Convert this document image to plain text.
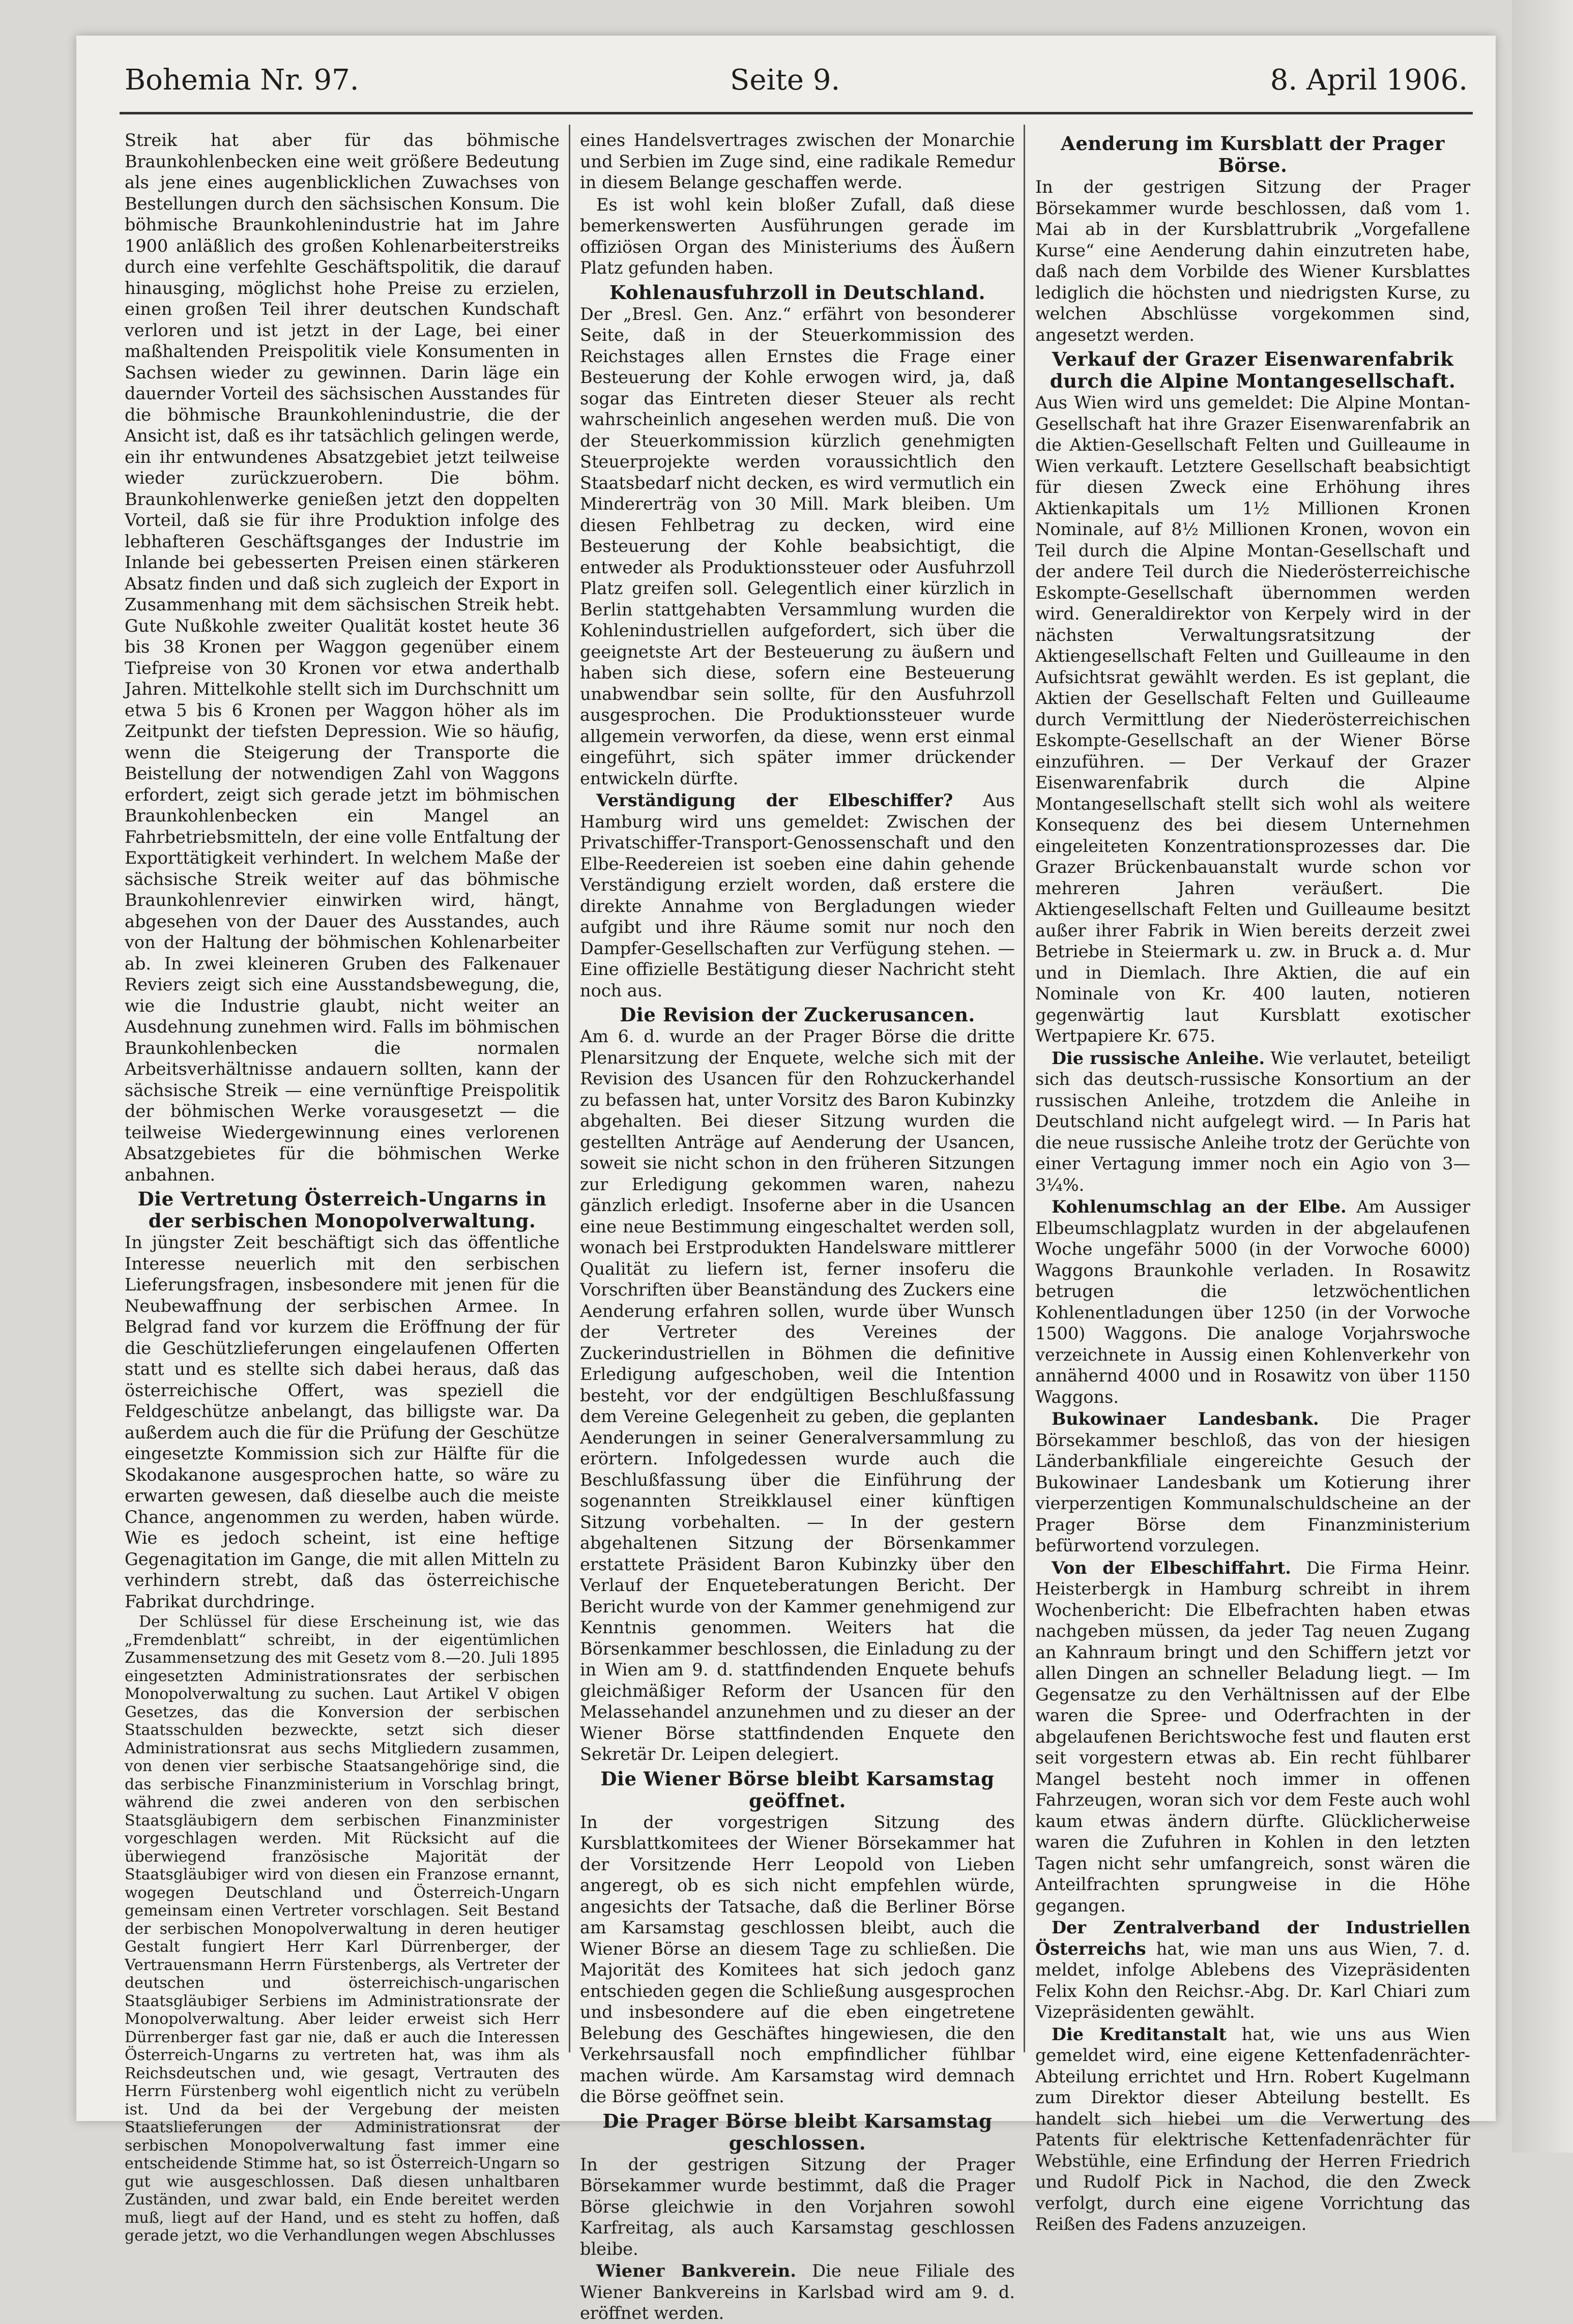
Bohemia Nr. 97.	Seite 9.	8. April 1906.

Streik hat aber für das böhmische Braunkohlenbecken eine weit größere Bedeutung als jene eines augenblicklichen Zuwachses von Bestellungen durch den sächsischen Konsum. Die böhmische Braunkohlenindustrie hat im Jahre 1900 anläßlich des großen Kohlenarbeiterstreiks durch eine verfehlte Geschäftspolitik, die darauf hinausging, möglichst hohe Preise zu erzielen, einen großen Teil ihrer deutschen Kundschaft verloren und ist jetzt in der Lage, bei einer maßhaltenden Preispolitik viele Konsumenten in Sachsen wieder zu gewinnen. Darin läge ein dauernder Vorteil des sächsischen Ausstandes für die böhmische Braunkohlenindustrie, die der Ansicht ist, daß es ihr tatsächlich gelingen werde, ein ihr entwundenes Absatzgebiet jetzt teilweise wieder zurückzuerobern. Die böhm. Braunkohlenwerke genießen jetzt den doppelten Vorteil, daß sie für ihre Produktion infolge des lebhafteren Geschäftsganges der Industrie im Inlande bei gebesserten Preisen einen stärkeren Absatz finden und daß sich zugleich der Export in Zusammenhang mit dem sächsischen Streik hebt. Gute Nußkohle zweiter Qualität kostet heute 36 bis 38 Kronen per Waggon gegenüber einem Tiefpreise von 30 Kronen vor etwa anderthalb Jahren. Mittelkohle stellt sich im Durchschnitt um etwa 5 bis 6 Kronen per Waggon höher als im Zeitpunkt der tiefsten Depression. Wie so häufig, wenn die Steigerung der Transporte die Beistellung der notwendigen Zahl von Waggons erfordert, zeigt sich gerade jetzt im böhmischen Braunkohlenbecken ein Mangel an Fahrbetriebsmitteln, der eine volle Entfaltung der Exporttätigkeit verhindert. In welchem Maße der sächsische Streik weiter auf das böhmische Braunkohlenrevier einwirken wird, hängt, abgesehen von der Dauer des Ausstandes, auch von der Haltung der böhmischen Kohlenarbeiter ab. In zwei kleineren Gruben des Falkenauer Reviers zeigt sich eine Ausstandsbewegung, die, wie die Industrie glaubt, nicht weiter an Ausdehnung zunehmen wird. Falls im böhmischen Braunkohlenbecken die normalen Arbeitsverhältnisse andauern sollten, kann der sächsische Streik — eine vernünftige Preispolitik der böhmischen Werke vorausgesetzt — die teilweise Wiedergewinnung eines verlorenen Absatzgebietes für die böhmischen Werke anbahnen.

Die Vertretung Österreich-Ungarns in der serbischen Monopolverwaltung.

In jüngster Zeit beschäftigt sich das öffentliche Interesse neuerlich mit den serbischen Lieferungsfragen, insbesondere mit jenen für die Neubewaffnung der serbischen Armee. In Belgrad fand vor kurzem die Eröffnung der für die Geschützlieferungen eingelaufenen Offerten statt und es stellte sich dabei heraus, daß das österreichische Offert, was speziell die Feldgeschütze anbelangt, das billigste war. Da außerdem auch die für die Prüfung der Geschütze eingesetzte Kommission sich zur Hälfte für die Skodakanone ausgesprochen hatte, so wäre zu erwarten gewesen, daß dieselbe auch die meiste Chance, angenommen zu werden, haben würde. Wie es jedoch scheint, ist eine heftige Gegenagitation im Gange, die mit allen Mitteln zu verhindern strebt, daß das österreichische Fabrikat durchdringe.

Der Schlüssel für diese Erscheinung ist, wie das „Fremdenblatt“ schreibt, in der eigentümlichen Zusammensetzung des mit Gesetz vom 8.—20. Juli 1895 eingesetzten Administrationsrates der serbischen Monopolverwaltung zu suchen. Laut Artikel V obigen Gesetzes, das die Konversion der serbischen Staatsschulden bezweckte, setzt sich dieser Administrationsrat aus sechs Mitgliedern zusammen, von denen vier serbische Staatsangehörige sind, die das serbische Finanzministerium in Vorschlag bringt, während die zwei anderen von den serbischen Staatsgläubigern dem serbischen Finanzminister vorgeschlagen werden. Mit Rücksicht auf die überwiegend französische Majorität der Staatsgläubiger wird von diesen ein Franzose ernannt, wogegen Deutschland und Österreich-Ungarn gemeinsam einen Vertreter vorschlagen. Seit Bestand der serbischen Monopolverwaltung in deren heutiger Gestalt fungiert Herr Karl Dürrenberger, der Vertrauensmann Herrn Fürstenbergs, als Vertreter der deutschen und österreichisch-ungarischen Staatsgläubiger Serbiens im Administrationsrate der Monopolverwaltung. Aber leider erweist sich Herr Dürrenberger fast gar nie, daß er auch die Interessen Österreich-Ungarns zu vertreten hat, was ihm als Reichsdeutschen und, wie gesagt, Vertrauten des Herrn Fürstenberg wohl eigentlich nicht zu verübeln ist. Und da bei der Vergebung der meisten Staatslieferungen der Administrationsrat der serbischen Monopolverwaltung fast immer eine entscheidende Stimme hat, so ist Österreich-Ungarn so gut wie ausgeschlossen. Daß diesen unhaltbaren Zuständen, und zwar bald, ein Ende bereitet werden muß, liegt auf der Hand, und es steht zu hoffen, daß gerade jetzt, wo die Verhandlungen wegen Abschlusses

eines Handelsvertrages zwischen der Monarchie und Serbien im Zuge sind, eine radikale Remedur in diesem Belange geschaffen werde.

Es ist wohl kein bloßer Zufall, daß diese bemerkenswerten Ausführungen gerade im offiziösen Organ des Ministeriums des Äußern Platz gefunden haben.

Kohlenausfuhrzoll in Deutschland.

Der „Bresl. Gen. Anz.“ erfährt von besonderer Seite, daß in der Steuerkommission des Reichstages allen Ernstes die Frage einer Besteuerung der Kohle erwogen wird, ja, daß sogar das Eintreten dieser Steuer als recht wahrscheinlich angesehen werden muß. Die von der Steuerkommission kürzlich genehmigten Steuerprojekte werden voraussichtlich den Staatsbedarf nicht decken, es wird vermutlich ein Mindererträg von 30 Mill. Mark bleiben. Um diesen Fehlbetrag zu decken, wird eine Besteuerung der Kohle beabsichtigt, die entweder als Produktionssteuer oder Ausfuhrzoll Platz greifen soll. Gelegentlich einer kürzlich in Berlin stattgehabten Versammlung wurden die Kohlenindustriellen aufgefordert, sich über die geeignetste Art der Besteuerung zu äußern und haben sich diese, sofern eine Besteuerung unabwendbar sein sollte, für den Ausfuhrzoll ausgesprochen. Die Produktionssteuer wurde allgemein verworfen, da diese, wenn erst einmal eingeführt, sich später immer drückender entwickeln dürfte.

Verständigung der Elbeschiffer? Aus Hamburg wird uns gemeldet: Zwischen der Privatschiffer-Transport-Genossenschaft und den Elbe-Reedereien ist soeben eine dahin gehende Verständigung erzielt worden, daß erstere die direkte Annahme von Bergladungen wieder aufgibt und ihre Räume somit nur noch den Dampfer-Gesellschaften zur Verfügung stehen. — Eine offizielle Bestätigung dieser Nachricht steht noch aus.

Die Revision der Zuckerusancen.

Am 6. d. wurde an der Prager Börse die dritte Plenarsitzung der Enquete, welche sich mit der Revision des Usancen für den Rohzuckerhandel zu befassen hat, unter Vorsitz des Baron Kubinzky abgehalten. Bei dieser Sitzung wurden die gestellten Anträge auf Aenderung der Usancen, soweit sie nicht schon in den früheren Sitzungen zur Erledigung gekommen waren, nahezu gänzlich erledigt. Insoferne aber in die Usancen eine neue Bestimmung eingeschaltet werden soll, wonach bei Erstprodukten Handelsware mittlerer Qualität zu liefern ist, ferner insoferu die Vorschriften über Beanständung des Zuckers eine Aenderung erfahren sollen, wurde über Wunsch der Vertreter des Vereines der Zuckerindustriellen in Böhmen die definitive Erledigung aufgeschoben, weil die Intention besteht, vor der endgültigen Beschlußfassung dem Vereine Gelegenheit zu geben, die geplanten Aenderungen in seiner Generalversammlung zu erörtern. Infolgedessen wurde auch die Beschlußfassung über die Einführung der sogenannten Streikklausel einer künftigen Sitzung vorbehalten. — In der gestern abgehaltenen Sitzung der Börsenkammer erstattete Präsident Baron Kubinzky über den Verlauf der Enqueteberatungen Bericht. Der Bericht wurde von der Kammer genehmigend zur Kenntnis genommen. Weiters hat die Börsenkammer beschlossen, die Einladung zu der in Wien am 9. d. stattfindenden Enquete behufs gleichmäßiger Reform der Usancen für den Melassehandel anzunehmen und zu dieser an der Wiener Börse stattfindenden Enquete den Sekretär Dr. Leipen delegiert.

Die Wiener Börse bleibt Karsamstag geöffnet.

In der vorgestrigen Sitzung des Kursblattkomitees der Wiener Börsekammer hat der Vorsitzende Herr Leopold von Lieben angeregt, ob es sich nicht empfehlen würde, angesichts der Tatsache, daß die Berliner Börse am Karsamstag geschlossen bleibt, auch die Wiener Börse an diesem Tage zu schließen. Die Majorität des Komitees hat sich jedoch ganz entschieden gegen die Schließung ausgesprochen und insbesondere auf die eben eingetretene Belebung des Geschäftes hingewiesen, die den Verkehrsausfall noch empfindlicher fühlbar machen würde. Am Karsamstag wird demnach die Börse geöffnet sein.

Die Prager Börse bleibt Karsamstag geschlossen.

In der gestrigen Sitzung der Prager Börsekammer wurde bestimmt, daß die Prager Börse gleichwie in den Vorjahren sowohl Karfreitag, als auch Karsamstag geschlossen bleibe.

Wiener Bankverein. Die neue Filiale des Wiener Bankvereins in Karlsbad wird am 9. d. eröffnet werden.

Aenderung im Kursblatt der Prager Börse.

In der gestrigen Sitzung der Prager Börsekammer wurde beschlossen, daß vom 1. Mai ab in der Kursblattrubrik „Vorgefallene Kurse“ eine Aenderung dahin einzutreten habe, daß nach dem Vorbilde des Wiener Kursblattes lediglich die höchsten und niedrigsten Kurse, zu welchen Abschlüsse vorgekommen sind, angesetzt werden.

Verkauf der Grazer Eisenwarenfabrik durch die Alpine Montangesellschaft.

Aus Wien wird uns gemeldet: Die Alpine Montan-Gesellschaft hat ihre Grazer Eisenwarenfabrik an die Aktien-Gesellschaft Felten und Guilleaume in Wien verkauft. Letztere Gesellschaft beabsichtigt für diesen Zweck eine Erhöhung ihres Aktienkapitals um 1½ Millionen Kronen Nominale, auf 8½ Millionen Kronen, wovon ein Teil durch die Alpine Montan-Gesellschaft und der andere Teil durch die Niederösterreichische Eskompte-Gesellschaft übernommen werden wird. Generaldirektor von Kerpely wird in der nächsten Verwaltungsratsitzung der Aktiengesellschaft Felten und Guilleaume in den Aufsichtsrat gewählt werden. Es ist geplant, die Aktien der Gesellschaft Felten und Guilleaume durch Vermittlung der Niederösterreichischen Eskompte-Gesellschaft an der Wiener Börse einzuführen. — Der Verkauf der Grazer Eisenwarenfabrik durch die Alpine Montangesellschaft stellt sich wohl als weitere Konsequenz des bei diesem Unternehmen eingeleiteten Konzentrationsprozesses dar. Die Grazer Brückenbauanstalt wurde schon vor mehreren Jahren veräußert. Die Aktiengesellschaft Felten und Guilleaume besitzt außer ihrer Fabrik in Wien bereits derzeit zwei Betriebe in Steiermark u. zw. in Bruck a. d. Mur und in Diemlach. Ihre Aktien, die auf ein Nominale von Kr. 400 lauten, notieren gegenwärtig laut Kursblatt exotischer Wertpapiere Kr. 675.

Die russische Anleihe. Wie verlautet, beteiligt sich das deutsch-russische Konsortium an der russischen Anleihe, trotzdem die Anleihe in Deutschland nicht aufgelegt wird. — In Paris hat die neue russische Anleihe trotz der Gerüchte von einer Vertagung immer noch ein Agio von 3—3¼%.

Kohlenumschlag an der Elbe. Am Aussiger Elbeumschlagplatz wurden in der abgelaufenen Woche ungefähr 5000 (in der Vorwoche 6000) Waggons Braunkohle verladen. In Rosawitz betrugen die letzwöchentlichen Kohlenentladungen über 1250 (in der Vorwoche 1500) Waggons. Die analoge Vorjahrswoche verzeichnete in Aussig einen Kohlenverkehr von annähernd 4000 und in Rosawitz von über 1150 Waggons.

Bukowinaer Landesbank. Die Prager Börsekammer beschloß, das von der hiesigen Länderbankfiliale eingereichte Gesuch der Bukowinaer Landesbank um Kotierung ihrer vierperzentigen Kommunalschuldscheine an der Prager Börse dem Finanzministerium befürwortend vorzulegen.

Von der Elbeschiffahrt. Die Firma Heinr. Heisterbergk in Hamburg schreibt in ihrem Wochenbericht: Die Elbefrachten haben etwas nachgeben müssen, da jeder Tag neuen Zugang an Kahnraum bringt und den Schiffern jetzt vor allen Dingen an schneller Beladung liegt. — Im Gegensatze zu den Verhältnissen auf der Elbe waren die Spree- und Oderfrachten in der abgelaufenen Berichtswoche fest und flauten erst seit vorgestern etwas ab. Ein recht fühlbarer Mangel besteht noch immer in offenen Fahrzeugen, woran sich vor dem Feste auch wohl kaum etwas ändern dürfte. Glücklicherweise waren die Zufuhren in Kohlen in den letzten Tagen nicht sehr umfangreich, sonst wären die Anteilfrachten sprungweise in die Höhe gegangen.

Der Zentralverband der Industriellen Österreichs hat, wie man uns aus Wien, 7. d. meldet, infolge Ablebens des Vizepräsidenten Felix Kohn den Reichsr.-Abg. Dr. Karl Chiari zum Vizepräsidenten gewählt.

Die Kreditanstalt hat, wie uns aus Wien gemeldet wird, eine eigene Kettenfadenrächter-Abteilung errichtet und Hrn. Robert Kugelmann zum Direktor dieser Abteilung bestellt. Es handelt sich hiebei um die Verwertung des Patents für elektrische Kettenfadenrächter für Webstühle, eine Erfindung der Herren Friedrich und Rudolf Pick in Nachod, die den Zweck verfolgt, durch eine eigene Vorrichtung das Reißen des Fadens anzuzeigen.
